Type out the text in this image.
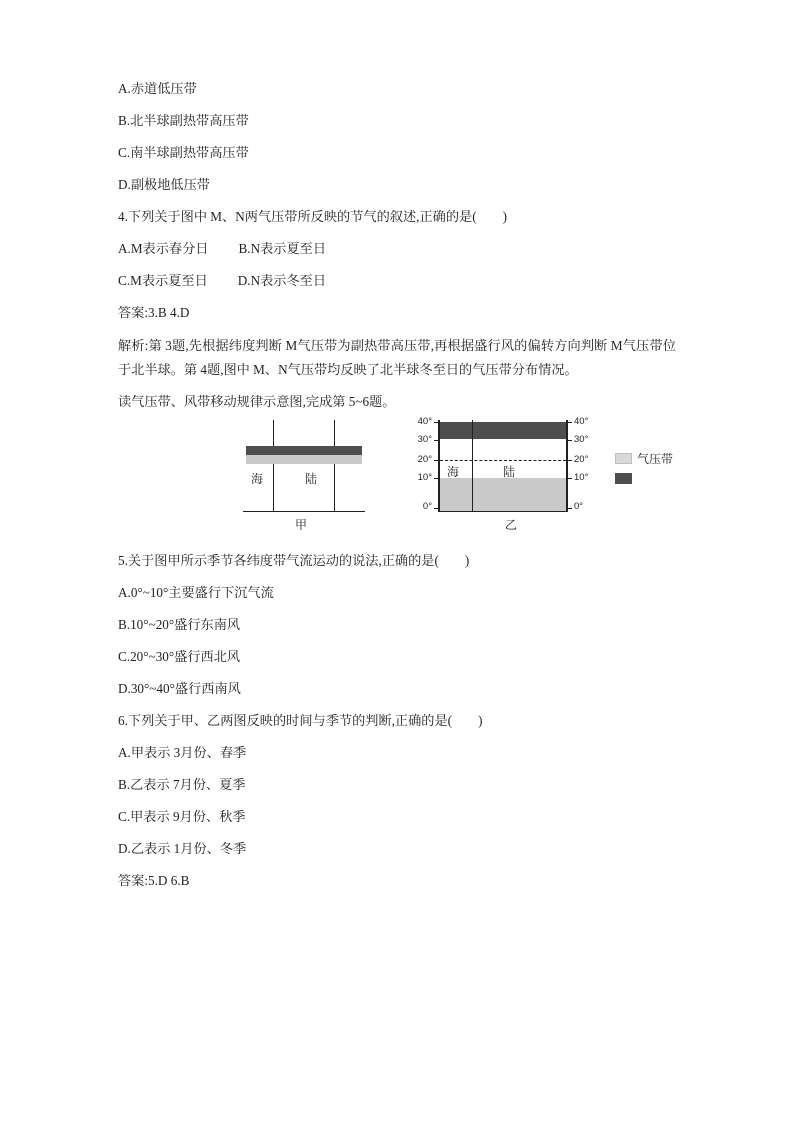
A.赤道低压带
B.北半球副热带高压带
C.南半球副热带高压带
D.副极地低压带
4.下列关于图中 M、N两气压带所反映的节气的叙述,正确的是( )
A.M表示春分日 B.N表示夏至日
C.M表示夏至日 D.N表示冬至日
答案:3.B 4.D
解析:第 3题,先根据纬度判断 M气压带为副热带高压带,再根据盛行风的偏转方向判断 M气压带位于北半球。第 4题,图中 M、N气压带均反映了北半球冬至日的气压带分布情况。
读气压带、风带移动规律示意图,完成第 5~6题。
海	陆
甲
海	陆
40°
30°
20°
10°
0°
40°
30°
20°
10°
0°
乙
气压带
5.关于图甲所示季节各纬度带气流运动的说法,正确的是( )
A.0°~10°主要盛行下沉气流
B.10°~20°盛行东南风
C.20°~30°盛行西北风
D.30°~40°盛行西南风
6.下列关于甲、乙两图反映的时间与季节的判断,正确的是( )
A.甲表示 3月份、春季
B.乙表示 7月份、夏季
C.甲表示 9月份、秋季
D.乙表示 1月份、冬季
答案:5.D 6.B
